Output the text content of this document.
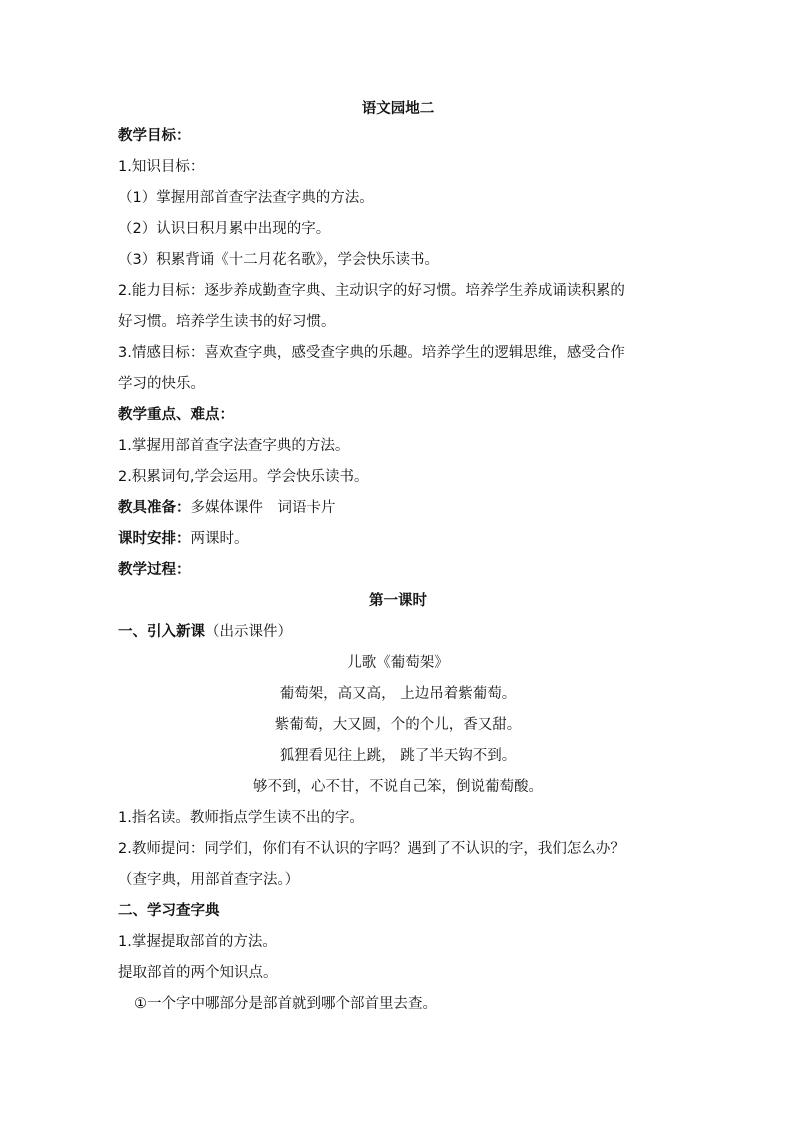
语文园地二
教学目标：
1.知识目标：
（1）掌握用部首查字法查字典的方法。
（2）认识日积月累中出现的字。
（3）积累背诵《十二月花名歌》，学会快乐读书。
2.能力目标：逐步养成勤查字典、主动识字的好习惯。培养学生养成诵读积累的
好习惯。培养学生读书的好习惯。
3.情感目标：喜欢查字典，感受查字典的乐趣。培养学生的逻辑思维，感受合作
学习的快乐。
教学重点、难点：
1.掌握用部首查字法查字典的方法。
2.积累词句,学会运用。学会快乐读书。
教具准备：多媒体课件　词语卡片
课时安排：两课时。
教学过程：
第一课时
一、引入新课（出示课件）
儿歌《葡萄架》
葡萄架，高又高， 上边吊着紫葡萄。
紫葡萄，大又圆，个的个儿，香又甜。
狐狸看见往上跳， 跳了半天钩不到。
够不到，心不甘，不说自己笨，倒说葡萄酸。
1.指名读。教师指点学生读不出的字。
2.教师提问：同学们，你们有不认识的字吗？遇到了不认识的字，我们怎么办？
（查字典，用部首查字法。）
二、学习查字典
1.掌握提取部首的方法。
提取部首的两个知识点。
①一个字中哪部分是部首就到哪个部首里去查。
